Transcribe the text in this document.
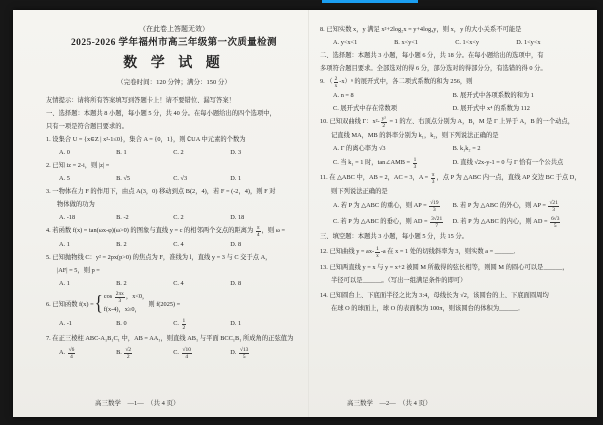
（在此卷上答题无效）
2025-2026 学年福州市高三年级第一次质量检测
数 学 试 题
（完卷时间：120 分钟；满分：150 分）
友情提示：请将所有答案填写到答题卡上！请不要错位、漏写答案！
一、选择题：本题共 8 小题，每小题 5 分，共 40 分。在每小题给出的四个选项中，
只有一项是符合题目要求的。
1. 设集合 U = {x∈Z | x²-1≤0}，集合 A = {0，1}，则 ∁UA 中元素的个数为
A. 0	B. 1	C. 2	D. 3
2. 已知 iz = 2-i，则 |z| =
A. 5	B. √5	C. √3	D. 1
3. 一物体在力 F 的作用下，由点 A(3，0) 移动到点 B(2，4)，若 F = (-2，4)，则 F 对
物体做的功为
A. -18	B. -2	C. 2	D. 18
4. 若函数 f(x) = tan(ωx-φ)(ω>0) 的图象与直线 y = c 的相邻两个交点的距离为 $\frac{\pi}{4}$ ，则 ω =
A. 1	B. 2	C. 4	D. 8
5. 已知抛物线 C：y² = 2px(p>0) 的焦点为 F，准线为 l，直线 y = 3 与 C 交于点 A，
|AF| = 5，则 p =
A. 1	B. 2	C. 4	D. 8
6. 已知函数 f(x) = { $\cos \frac{2\pi x}{3}$ ，x<0，
f(x-4)，x≥0，
则 f(2025) =
A. -1	B. 0	C. $\frac{1}{2}$	D. 1
7. 在正三棱柱 ABC-A₁B₁C₁ 中，AB = AA₁，则直线 AB₁ 与平面 BCC₁B₁ 所成角的正弦值为
A. $\frac{√6}{4}$	B. $\frac{√2}{2}$	C. $\frac{√10}{4}$	D. $\frac{√13}{5}$
高三数学　—1—　（共 4 页）
8. 已知实数 x，y 满足 x²+2log₂x = y+4log₄y，则 x，y 的大小关系不可能是
A. y<x<1	B. x<y<1	C. 1<x<y	D. 1<y<x
二、选择题：本题共 3 小题，每小题 6 分，共 18 分。在每小题给出的选项中，有
多项符合题目要求。全部选对的得 6 分，部分选对的得部分分，有选错的得 0 分。
9. （ $\frac{2}{x} -x)^n$ 的展开式中，各二项式系数的和为 256，则
A. n = 8	B. 展开式中各项系数的和为 1
C. 展开式中存在常数项	D. 展开式中 x⁴ 的系数为 112
10. 已知双曲线 Γ：$x^2- \frac{\text{y²}}{2} = 1$ 的左、右顶点分别为 A，B，M 是 Γ 上异于 A，B 的一个动点，
记直线 MA，MB 的斜率分别为 k₁，k₂，则下列说法正确的是
A. Γ 的离心率为 √3	B. k₁k₂ = 2
C. 当 k₁ = 1 时，tan∠AMB = $\frac{1}{3}$	D. 直线 √2x-y-1 = 0 与 Γ 恰有一个公共点
11. 在 △ABC 中，AB = 2，AC = 3，$A = \frac{\pi}{3}$ ，点 P 为 △ABC 内一点，直线 AP 交边 BC 于点 D，
则下列说法正确的是
A. 若 P 为 △ABC 的重心，则 AP = $\frac{√19}{3} B$. 若 P 为 △ABC 的外心，则 AP = $\frac{√21}{3}$
C. 若 P 为 △ABC 的垂心，则 AD = $\frac{3√21}{7} D$. 若 P 为 △ABC 的内心，则 AD = $\frac{6√3}{5}$
三、填空题：本题共 3 小题，每小题 5 分，共 15 分。
12. 已知曲线 $y = ax- \frac{1}{x} -a$ 在 x = 1 处的切线斜率为 3，则实数 a = ______．
13. 已知两直线 y = x 与 y = x+2 被圆 M 所截得的弦长相等，则圆 M 的圆心可以是______，
半径可以是______。（写出一组满足条件的即可）
14. 已知圆台上、下底面半径之比为 3:4，母线长为 √2，该圆台的上、下底面圆周均
在球 O 的球面上，球 O 的表面积为 100π，则该圆台的体积为______．
高三数学　—2—　（共 4 页）
